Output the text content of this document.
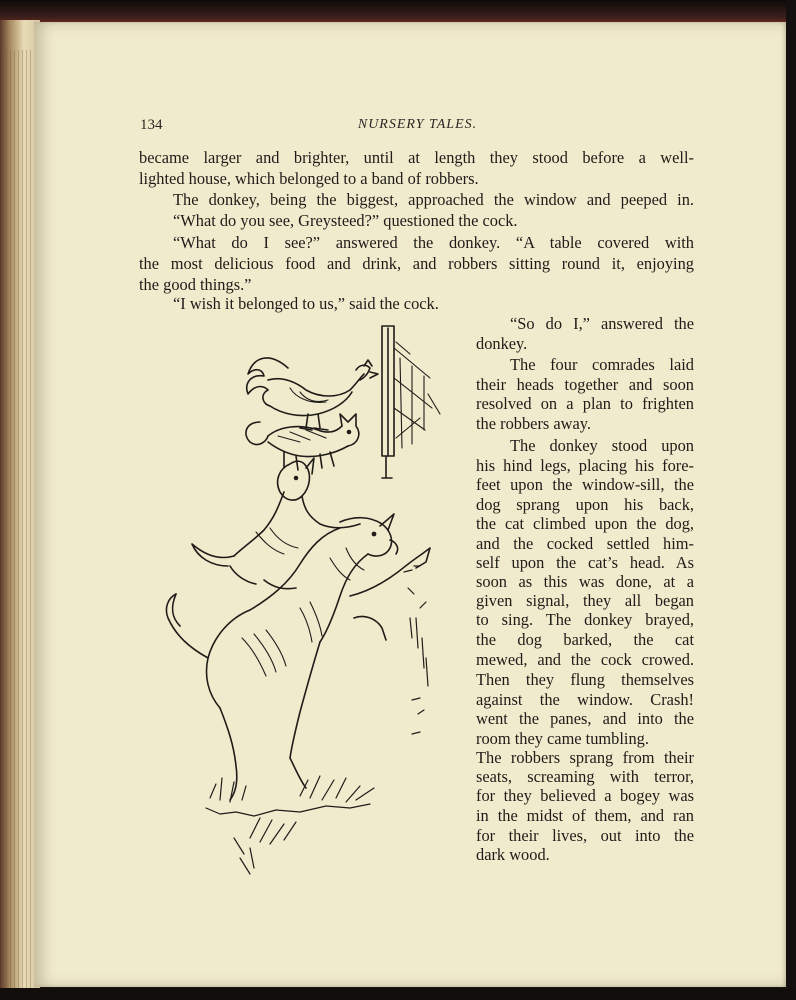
134	NURSERY TALES.
became larger and brighter, until at length they stood before a well-
lighted house, which belonged to a band of robbers.
The donkey, being the biggest, approached the window and peeped in.
“What do you see, Greysteed?” questioned the cock.
“What do I see?” answered the donkey. “A table covered with
the most delicious food and drink, and robbers sitting round it, enjoying
the good things.”
“I wish it belonged to us,” said the cock.
“So do I,” answered the
donkey.
The four comrades laid
their heads together and soon
resolved on a plan to frighten
the robbers away.
The donkey stood upon
his hind legs, placing his fore-
feet upon the window-sill, the
dog sprang upon his back,
the cat climbed upon the dog,
and the cocked settled him-
self upon the cat’s head. As
soon as this was done, at a
given signal, they all began
to sing. The donkey brayed,
the dog barked, the cat
mewed, and the cock crowed.
Then they flung themselves
against the window. Crash!
went the panes, and into the
room they came tumbling.
The robbers sprang from their
seats, screaming with terror,
for they believed a bogey was
in the midst of them, and ran
for their lives, out into the
dark wood.
